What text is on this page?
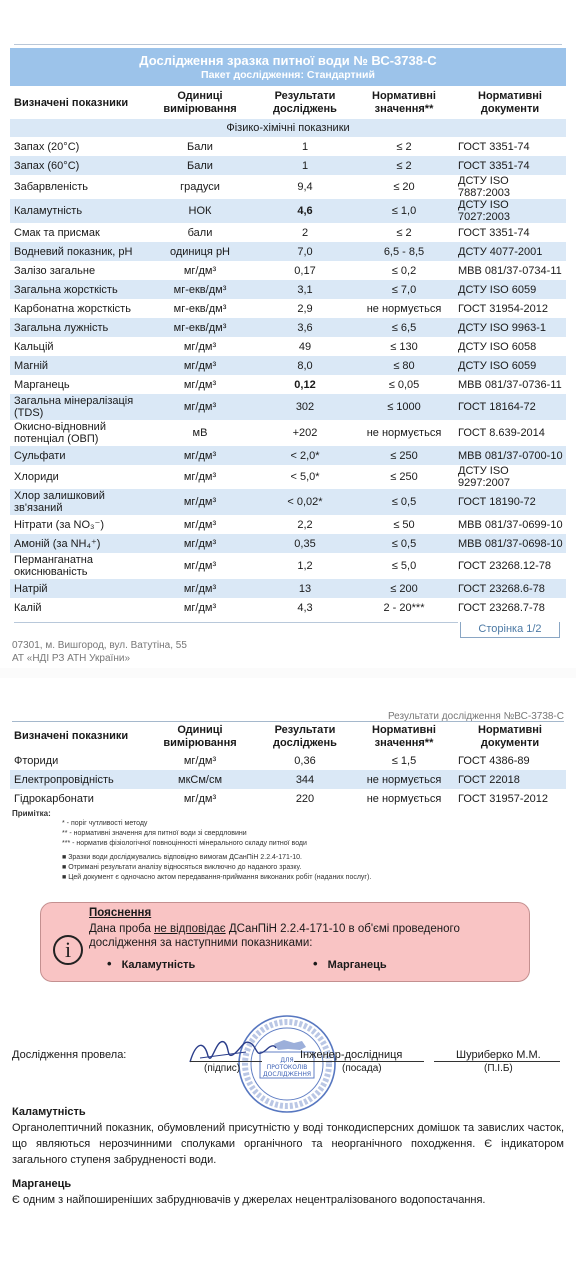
Дослідження зразка питної води № ВС-3738-С
Пакет дослідження: Стандартний
Визначені показники	Одиниці вимірювання	Результати досліджень	Нормативні значення**	Нормативні документи
Фізико-хімічні показники				
Запах (20°С)	Бали	1	≤ 2	ГОСТ 3351-74
Запах (60°С)	Бали	1	≤ 2	ГОСТ 3351-74
Забарвленість	градуси	9,4	≤ 20	ДСТУ ISO 7887:2003
Каламутність	НОК	4,6	≤ 1,0	ДСТУ ISO 7027:2003
Смак та присмак	бали	2	≤ 2	ГОСТ 3351-74
Водневий показник, рН	одиниця рН	7,0	6,5 - 8,5	ДСТУ 4077-2001
Залізо загальне	мг/дм³	0,17	≤ 0,2	МВВ 081/37-0734-11
Загальна жорсткість	мг-екв/дм³	3,1	≤ 7,0	ДСТУ ISO 6059
Карбонатна жорсткість	мг-екв/дм³	2,9	не нормується	ГОСТ 31954-2012
Загальна лужність	мг-екв/дм³	3,6	≤ 6,5	ДСТУ ISO 9963-1
Кальцій	мг/дм³	49	≤ 130	ДСТУ ISO 6058
Магній	мг/дм³	8,0	≤ 80	ДСТУ ISO 6059
Марганець	мг/дм³	0,12	≤ 0,05	МВВ 081/37-0736-11
Загальна мінералізація (TDS)	мг/дм³	302	≤ 1000	ГОСТ 18164-72
Окисно-відновний потенціал (ОВП)	мВ	+202	не нормується	ГОСТ 8.639-2014
Сульфати	мг/дм³	< 2,0*	≤ 250	МВВ 081/37-0700-10
Хлориди	мг/дм³	< 5,0*	≤ 250	ДСТУ ISO 9297:2007
Хлор залишковий зв'язаний	мг/дм³	< 0,02*	≤ 0,5	ГОСТ 18190-72
Нітрати (за NO₃⁻)	мг/дм³	2,2	≤ 50	МВВ 081/37-0699-10
Амоній (за NH₄⁺)	мг/дм³	0,35	≤ 0,5	МВВ 081/37-0698-10
Перманганатна окиснюваність	мг/дм³	1,2	≤ 5,0	ГОСТ 23268.12-78
Натрій	мг/дм³	13	≤ 200	ГОСТ 23268.6-78
Калій	мг/дм³	4,3	2 - 20***	ГОСТ 23268.7-78
Сторінка 1/2
07301, м. Вишгород, вул. Ватутіна, 55
АТ «НДІ РЗ АТН України»
Результати дослідження №ВС-3738-С
Визначені показники	Одиниці вимірювання	Результати досліджень	Нормативні значення**	Нормативні документи
Фториди	мг/дм³	0,36	≤ 1,5	ГОСТ 4386-89
Електропровідність	мкСм/см	344	не нормується	ГОСТ 22018
Гідрокарбонати	мг/дм³	220	не нормується	ГОСТ 31957-2012
Примітка:
* - поріг чутливості методу
** - нормативні значення для питної води зі свердловини
*** - норматив фізіологічної повноцінності мінерального складу питної води
■ Зразки води досліджувались відповідно вимогам ДСанПіН 2.2.4-171-10.
■ Отримані результати аналізу відносяться виключно до наданого зразку.
■ Цей документ є одночасно актом передавання-приймання виконаних робіт (наданих послуг).
i
Пояснення
Дана проба не відповідає ДСанПіН 2.2.4-171-10 в об'ємі проведеного дослідження за наступними показниками:
• Каламутність	• Марганець
ДЛЯ ПРОТОКОЛІВ ДОСЛІДЖЕННЯ
Дослідження провела:	Інженер-дослідниця	Шуриберко М.М.
(підпис)	(посада)	(П.І.Б)
Каламутність
Органолептичний показник, обумовлений присутністю у воді тонкодисперсних домішок та завислих часток, що являються нерозчинними сполуками органічного та неорганічного походження. Є індикатором загального ступеня забрудненості води.
Марганець
Є одним з найпоширеніших забруднювачів у джерелах нецентралізованого водопостачання.
